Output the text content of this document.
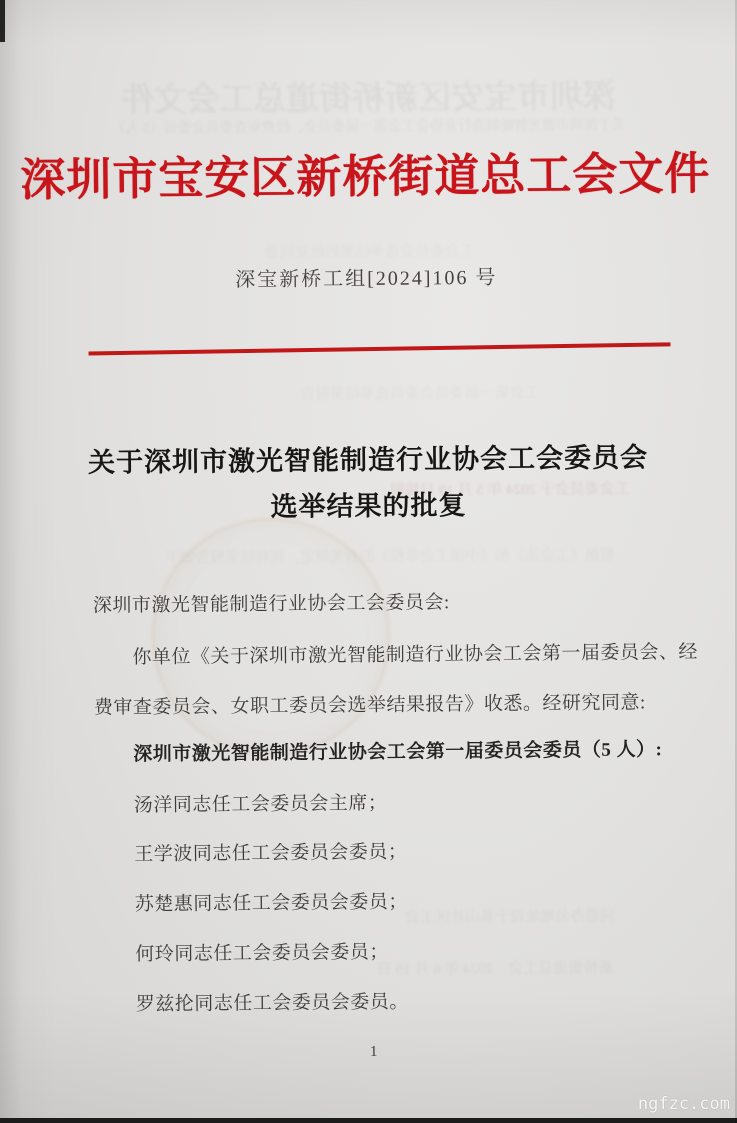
深圳市宝安区新桥街道总工会文件
关于深圳市激光智能制造行业协会工会第一届委员会、经费审查委员会委员（5 人）
工会委员会选举结果的批复同意
工会第一届委员会委员选举结果报告
工会委员会于 2024 年 5 月 19 日按照
根据《工会法》和《中国工会章程》的有关规定，现将结果报告如下
同意办公地址设于基山社区工会
新桥街道总工会　2024 年 6 月 19 日
深圳市宝安区新桥街道总工会文件
深宝新桥工组[2024]106 号
关于深圳市激光智能制造行业协会工会委员会
选举结果的批复
深圳市激光智能制造行业协会工会委员会:
你单位《关于深圳市激光智能制造行业协会工会第一届委员会、经
费审查委员会、女职工委员会选举结果报告》收悉。经研究同意:
深圳市激光智能制造行业协会工会第一届委员会委员（5 人）:
汤洋同志任工会委员会主席；
王学波同志任工会委员会委员；
苏楚惠同志任工会委员会委员；
何玲同志任工会委员会委员；
罗兹抡同志任工会委员会委员。
1
ngfzc.com
